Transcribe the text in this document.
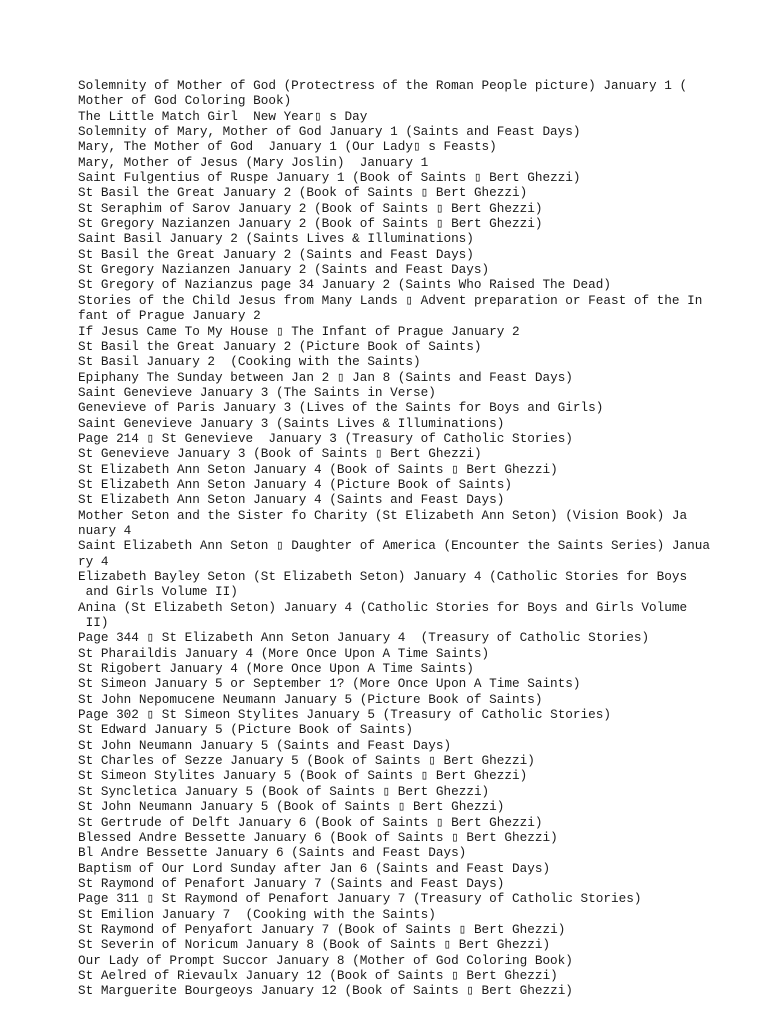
Solemnity of Mother of God (Protectress of the Roman People picture) January 1 (
Mother of God Coloring Book)
The Little Match Girl  New Year▯ s Day
Solemnity of Mary, Mother of God January 1 (Saints and Feast Days)
Mary, The Mother of God  January 1 (Our Lady▯ s Feasts)
Mary, Mother of Jesus (Mary Joslin)  January 1
Saint Fulgentius of Ruspe January 1 (Book of Saints ▯ Bert Ghezzi)
St Basil the Great January 2 (Book of Saints ▯ Bert Ghezzi)
St Seraphim of Sarov January 2 (Book of Saints ▯ Bert Ghezzi)
St Gregory Nazianzen January 2 (Book of Saints ▯ Bert Ghezzi)
Saint Basil January 2 (Saints Lives & Illuminations)
St Basil the Great January 2 (Saints and Feast Days)
St Gregory Nazianzen January 2 (Saints and Feast Days)
St Gregory of Nazianzus page 34 January 2 (Saints Who Raised The Dead)
Stories of the Child Jesus from Many Lands ▯ Advent preparation or Feast of the In
fant of Prague January 2
If Jesus Came To My House ▯ The Infant of Prague January 2
St Basil the Great January 2 (Picture Book of Saints)
St Basil January 2  (Cooking with the Saints)
Epiphany The Sunday between Jan 2 ▯ Jan 8 (Saints and Feast Days)
Saint Genevieve January 3 (The Saints in Verse)
Genevieve of Paris January 3 (Lives of the Saints for Boys and Girls)
Saint Genevieve January 3 (Saints Lives & Illuminations)
Page 214 ▯ St Genevieve  January 3 (Treasury of Catholic Stories)
St Genevieve January 3 (Book of Saints ▯ Bert Ghezzi)
St Elizabeth Ann Seton January 4 (Book of Saints ▯ Bert Ghezzi)
St Elizabeth Ann Seton January 4 (Picture Book of Saints)
St Elizabeth Ann Seton January 4 (Saints and Feast Days)
Mother Seton and the Sister fo Charity (St Elizabeth Ann Seton) (Vision Book) Ja
nuary 4
Saint Elizabeth Ann Seton ▯ Daughter of America (Encounter the Saints Series) Janua
ry 4
Elizabeth Bayley Seton (St Elizabeth Seton) January 4 (Catholic Stories for Boys
and Girls Volume II)
Anina (St Elizabeth Seton) January 4 (Catholic Stories for Boys and Girls Volume
II)
Page 344 ▯ St Elizabeth Ann Seton January 4  (Treasury of Catholic Stories)
St Pharaildis January 4 (More Once Upon A Time Saints)
St Rigobert January 4 (More Once Upon A Time Saints)
St Simeon January 5 or September 1? (More Once Upon A Time Saints)
St John Nepomucene Neumann January 5 (Picture Book of Saints)
Page 302 ▯ St Simeon Stylites January 5 (Treasury of Catholic Stories)
St Edward January 5 (Picture Book of Saints)
St John Neumann January 5 (Saints and Feast Days)
St Charles of Sezze January 5 (Book of Saints ▯ Bert Ghezzi)
St Simeon Stylites January 5 (Book of Saints ▯ Bert Ghezzi)
St Syncletica January 5 (Book of Saints ▯ Bert Ghezzi)
St John Neumann January 5 (Book of Saints ▯ Bert Ghezzi)
St Gertrude of Delft January 6 (Book of Saints ▯ Bert Ghezzi)
Blessed Andre Bessette January 6 (Book of Saints ▯ Bert Ghezzi)
Bl Andre Bessette January 6 (Saints and Feast Days)
Baptism of Our Lord Sunday after Jan 6 (Saints and Feast Days)
St Raymond of Penafort January 7 (Saints and Feast Days)
Page 311 ▯ St Raymond of Penafort January 7 (Treasury of Catholic Stories)
St Emilion January 7  (Cooking with the Saints)
St Raymond of Penyafort January 7 (Book of Saints ▯ Bert Ghezzi)
St Severin of Noricum January 8 (Book of Saints ▯ Bert Ghezzi)
Our Lady of Prompt Succor January 8 (Mother of God Coloring Book)
St Aelred of Rievaulx January 12 (Book of Saints ▯ Bert Ghezzi)
St Marguerite Bourgeoys January 12 (Book of Saints ▯ Bert Ghezzi)
